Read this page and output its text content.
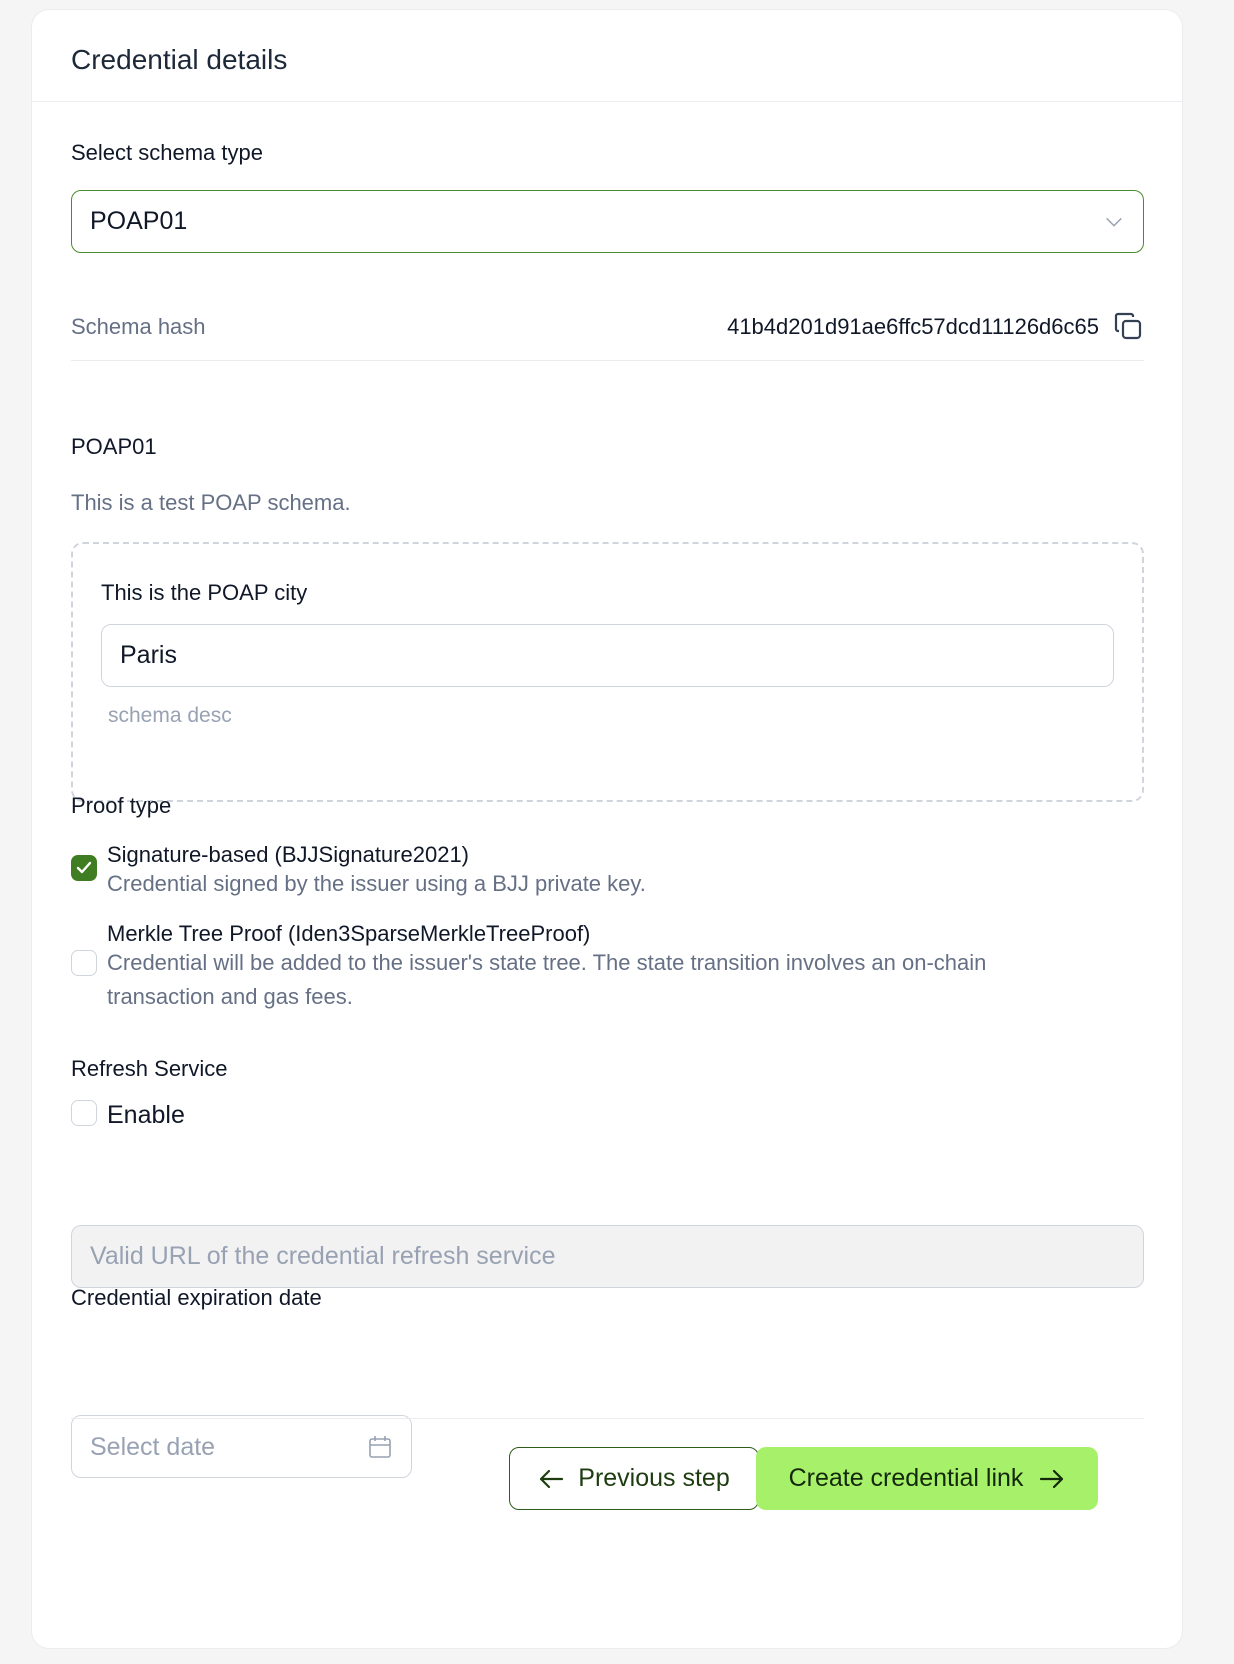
Credential details
Select schema type
POAP01
Schema hash	41b4d201d91ae6ffc57dcd11126d6c65
POAP01
This is a test POAP schema.
This is the POAP city
Paris
schema desc
Proof type
Signature-based (BJJSignature2021)
Credential signed by the issuer using a BJJ private key.
Merkle Tree Proof (Iden3SparseMerkleTreeProof)
Credential will be added to the issuer's state tree. The state transition involves an on-chain transaction and gas fees.
Refresh Service
Enable
Valid URL of the credential refresh service
Credential expiration date
Select date
Previous step Create credential link
